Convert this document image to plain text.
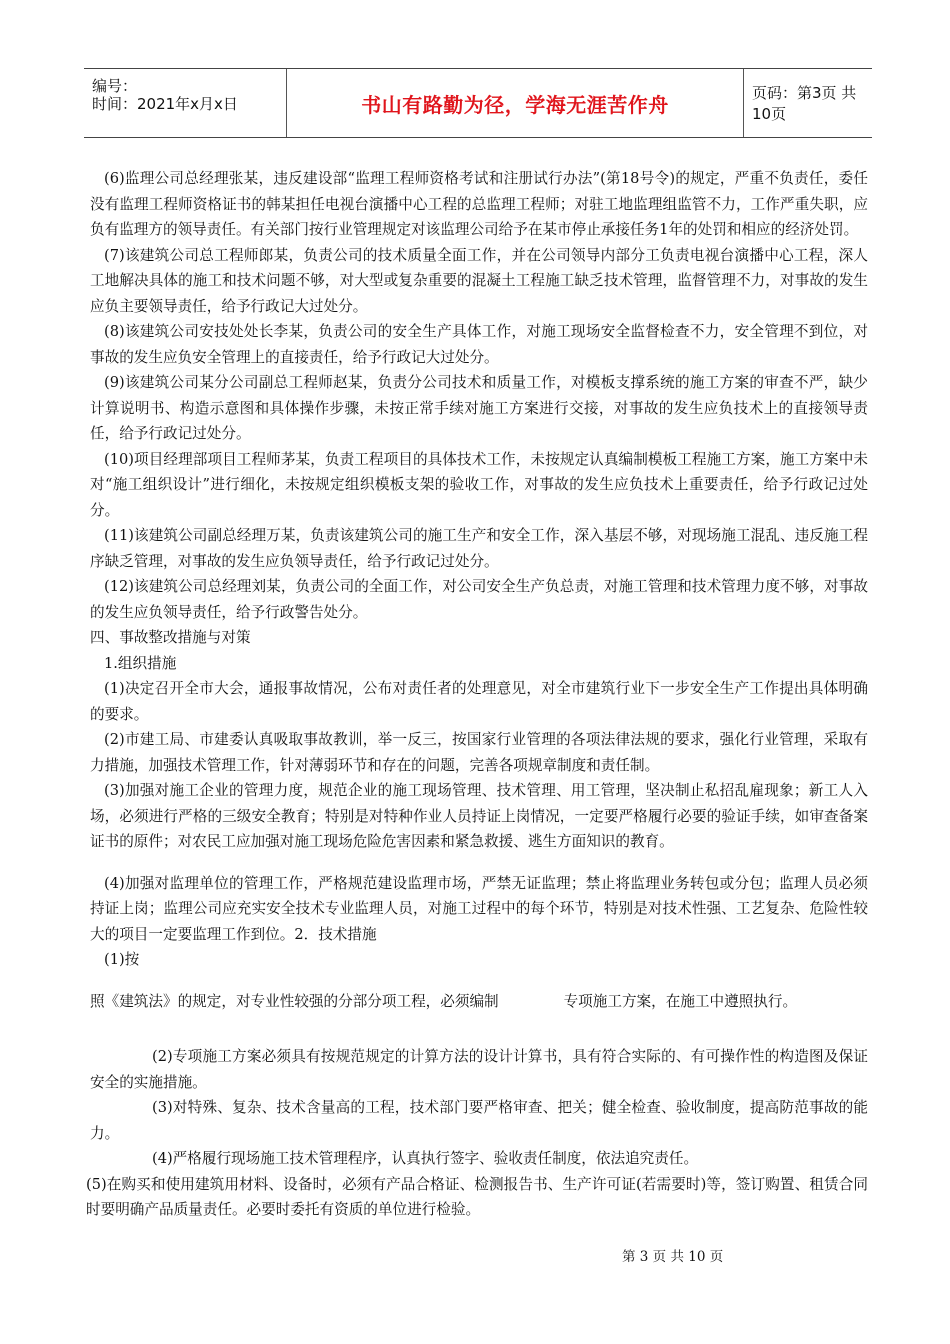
编号：
时间：2021年x月x日	书山有路勤为径，学海无涯苦作舟	页码：第3页 共10页

(6)监理公司总经理张某，违反建设部“监理工程师资格考试和注册试行办法”(第18号令)的规定，严重不负责任，委任没有监理工程师资格证书的韩某担任电视台演播中心工程的总监理工程师；对驻工地监理组监管不力，工作严重失职，应负有监理方的领导责任。有关部门按行业管理规定对该监理公司给予在某市停止承接任务1年的处罚和相应的经济处罚。

(7)该建筑公司总工程师郎某，负责公司的技术质量全面工作，并在公司领导内部分工负责电视台演播中心工程，深人工地解决具体的施工和技术问题不够，对大型或复杂重要的混凝土工程施工缺乏技术管理，监督管理不力，对事故的发生应负主要领导责任，给予行政记大过处分。

(8)该建筑公司安技处处长李某，负责公司的安全生产具体工作，对施工现场安全监督检查不力，安全管理不到位，对事故的发生应负安全管理上的直接责任，给予行政记大过处分。

(9)该建筑公司某分公司副总工程师赵某，负责分公司技术和质量工作，对模板支撑系统的施工方案的审查不严，缺少计算说明书、构造示意图和具体操作步骤，未按正常手续对施工方案进行交接，对事故的发生应负技术上的直接领导责任，给予行政记过处分。

(10)项目经理部项目工程师茅某，负责工程项目的具体技术工作，未按规定认真编制模板工程施工方案，施工方案中未对“施工组织设计”进行细化，未按规定组织模板支架的验收工作，对事故的发生应负技术上重要责任，给予行政记过处分。

(11)该建筑公司副总经理万某，负责该建筑公司的施工生产和安全工作，深入基层不够，对现场施工混乱、违反施工程序缺乏管理，对事故的发生应负领导责任，给予行政记过处分。

(12)该建筑公司总经理刘某，负责公司的全面工作，对公司安全生产负总责，对施工管理和技术管理力度不够，对事故的发生应负领导责任，给予行政警告处分。

四、事故整改措施与对策

1.组织措施

(1)决定召开全市大会，通报事故情况，公布对责任者的处理意见，对全市建筑行业下一步安全生产工作提出具体明确的要求。

(2)市建工局、市建委认真吸取事故教训，举一反三，按国家行业管理的各项法律法规的要求，强化行业管理，采取有力措施，加强技术管理工作，针对薄弱环节和存在的问题，完善各项规章制度和责任制。

(3)加强对施工企业的管理力度，规范企业的施工现场管理、技术管理、用工管理，坚决制止私招乱雇现象；新工人入场，必须进行严格的三级安全教育；特别是对特种作业人员持证上岗情况，一定要严格履行必要的验证手续，如审查备案证书的原件；对农民工应加强对施工现场危险危害因素和紧急救援、逃生方面知识的教育。

(4)加强对监理单位的管理工作，严格规范建设监理市场，严禁无证监理；禁止将监理业务转包或分包；监理人员必须持证上岗；监理公司应充实安全技术专业监理人员，对施工过程中的每个环节，特别是对技术性强、工艺复杂、危险性较大的项目一定要监理工作到位。2．技术措施

(1)按

照《建筑法》的规定，对专业性较强的分部分项工程，必须编制              专项施工方案，在施工中遵照执行。

(2)专项施工方案必须具有按规范规定的计算方法的设计计算书，具有符合实际的、有可操作性的构造图及保证安全的实施措施。

(3)对特殊、复杂、技术含量高的工程，技术部门要严格审查、把关；健全检查、验收制度，提高防范事故的能力。

(4)严格履行现场施工技术管理程序，认真执行签字、验收责任制度，依法追究责任。

(5)在购买和使用建筑用材料、设备时，必须有产品合格证、检测报告书、生产许可证(若需要时)等，签订购置、租赁合同时要明确产品质量责任。必要时委托有资质的单位进行检验。

第 3 页 共 10 页
